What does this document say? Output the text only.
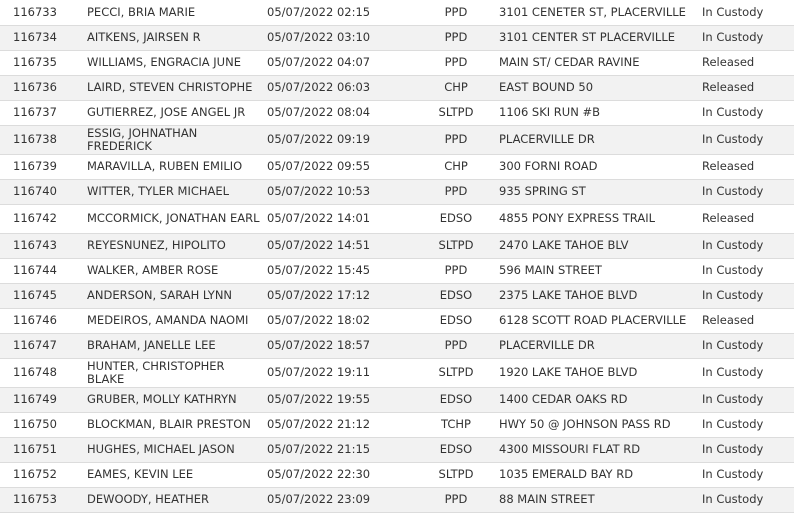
116733	PECCI, BRIA MARIE	05/07/2022 02:15	PPD	3101 CENETER ST, PLACERVILLE	In Custody
116734	AITKENS, JAIRSEN R	05/07/2022 03:10	PPD	3101 CENTER ST PLACERVILLE	In Custody
116735	WILLIAMS, ENGRACIA JUNE	05/07/2022 04:07	PPD	MAIN ST/ CEDAR RAVINE	Released
116736	LAIRD, STEVEN CHRISTOPHE	05/07/2022 06:03	CHP	EAST BOUND 50	Released
116737	GUTIERREZ, JOSE ANGEL JR	05/07/2022 08:04	SLTPD	1106 SKI RUN #B	In Custody
116738	ESSIG, JOHNATHAN FREDERICK	05/07/2022 09:19	PPD	PLACERVILLE DR	In Custody
116739	MARAVILLA, RUBEN EMILIO	05/07/2022 09:55	CHP	300 FORNI ROAD	Released
116740	WITTER, TYLER MICHAEL	05/07/2022 10:53	PPD	935 SPRING ST	In Custody
116742	MCCORMICK, JONATHAN EARL	05/07/2022 14:01	EDSO	4855 PONY EXPRESS TRAIL	Released
116743	REYESNUNEZ, HIPOLITO	05/07/2022 14:51	SLTPD	2470 LAKE TAHOE BLV	In Custody
116744	WALKER, AMBER ROSE	05/07/2022 15:45	PPD	596 MAIN STREET	In Custody
116745	ANDERSON, SARAH LYNN	05/07/2022 17:12	EDSO	2375 LAKE TAHOE BLVD	In Custody
116746	MEDEIROS, AMANDA NAOMI	05/07/2022 18:02	EDSO	6128 SCOTT ROAD PLACERVILLE	Released
116747	BRAHAM, JANELLE LEE	05/07/2022 18:57	PPD	PLACERVILLE DR	In Custody
116748	HUNTER, CHRISTOPHER BLAKE	05/07/2022 19:11	SLTPD	1920 LAKE TAHOE BLVD	In Custody
116749	GRUBER, MOLLY KATHRYN	05/07/2022 19:55	EDSO	1400 CEDAR OAKS RD	In Custody
116750	BLOCKMAN, BLAIR PRESTON	05/07/2022 21:12	TCHP	HWY 50 @ JOHNSON PASS RD	In Custody
116751	HUGHES, MICHAEL JASON	05/07/2022 21:15	EDSO	4300 MISSOURI FLAT RD	In Custody
116752	EAMES, KEVIN LEE	05/07/2022 22:30	SLTPD	1035 EMERALD BAY RD	In Custody
116753	DEWOODY, HEATHER	05/07/2022 23:09	PPD	88 MAIN STREET	In Custody
